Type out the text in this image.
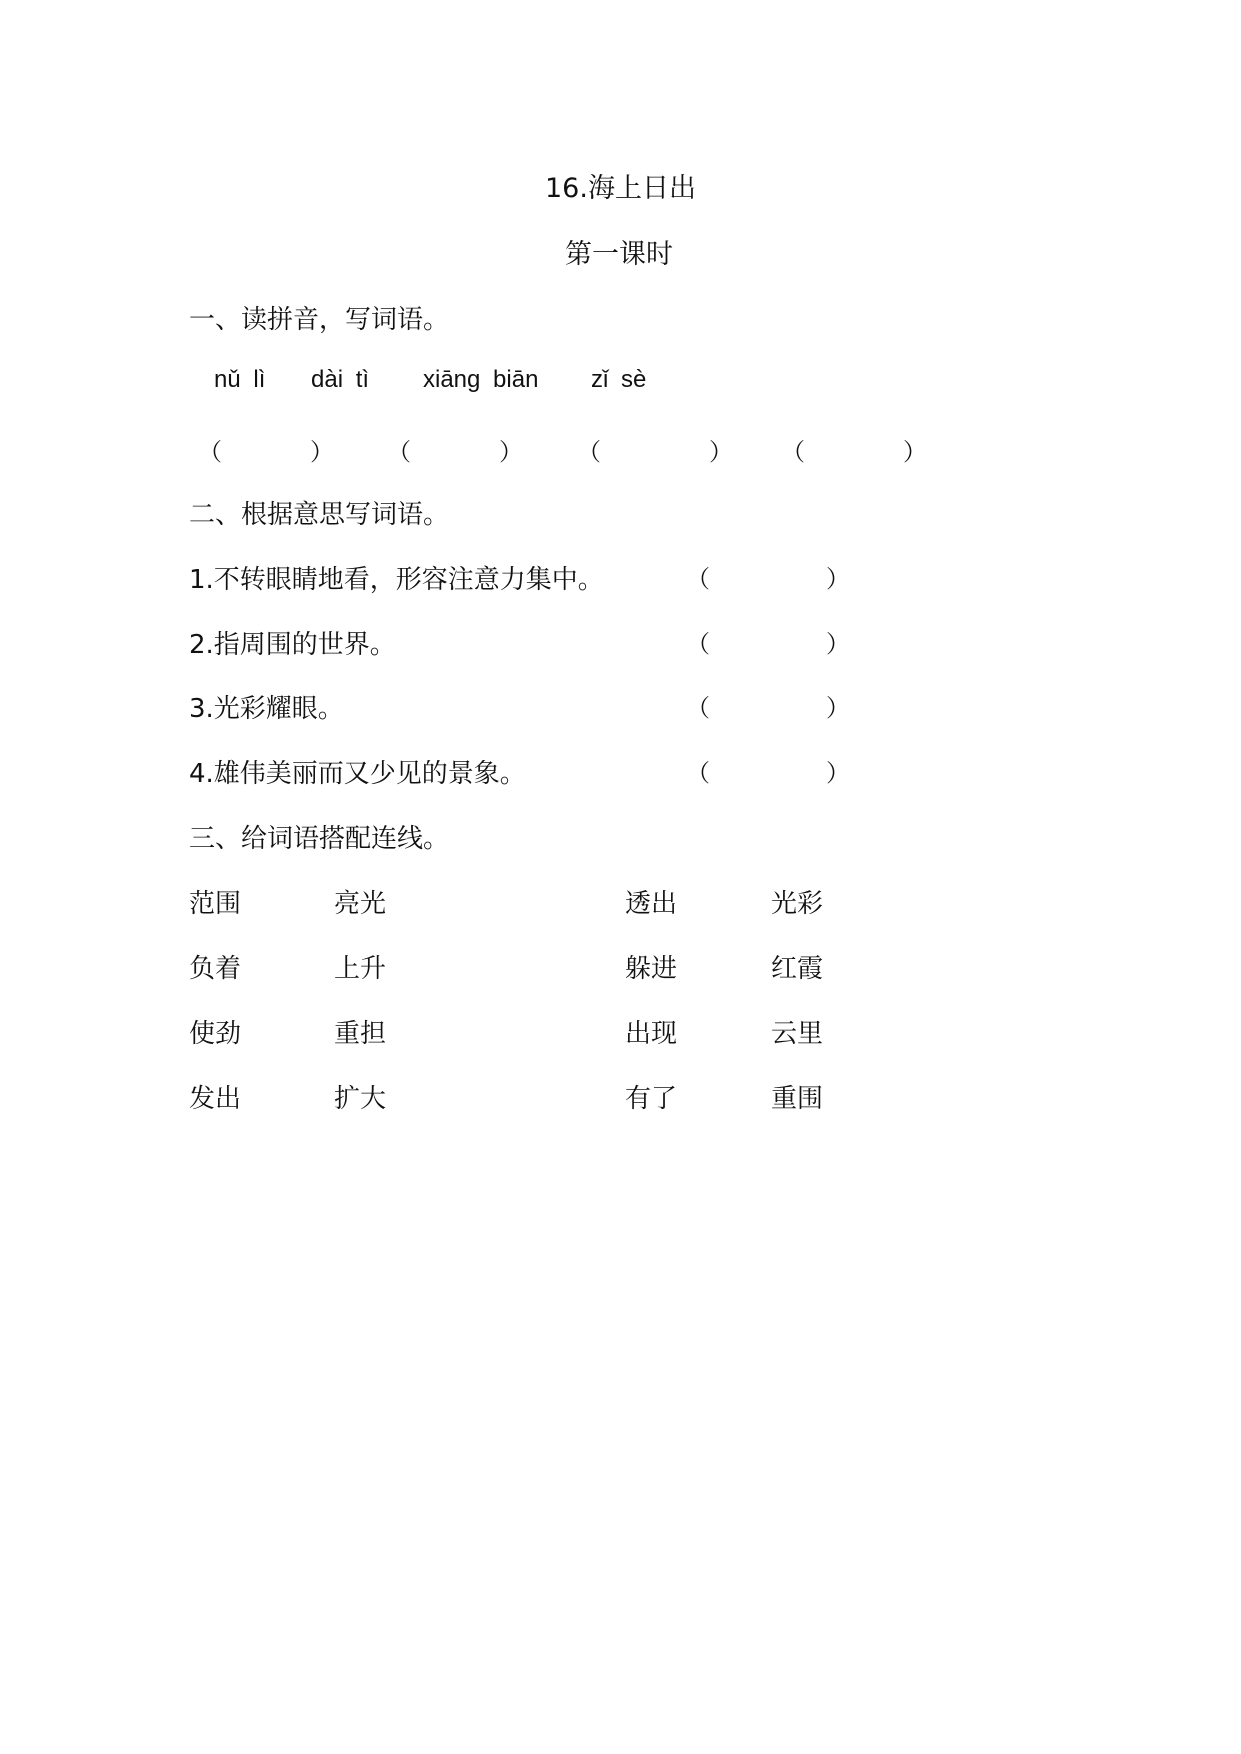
16.海上日出
第一课时
一、读拼音，写词语。
nǔ lì dài tì xiāng biān zǐ sè
（	） （	） （	） （	）
二、根据意思写词语。
1.不转眼睛地看，形容注意力集中。	（	）
2.指周围的世界。	（	）
3.光彩耀眼。	（	）
4.雄伟美丽而又少见的景象。	（	）
三、给词语搭配连线。
范围	亮光	透出	光彩
负着	上升	躲进	红霞
使劲	重担	出现	云里
发出	扩大	有了	重围
